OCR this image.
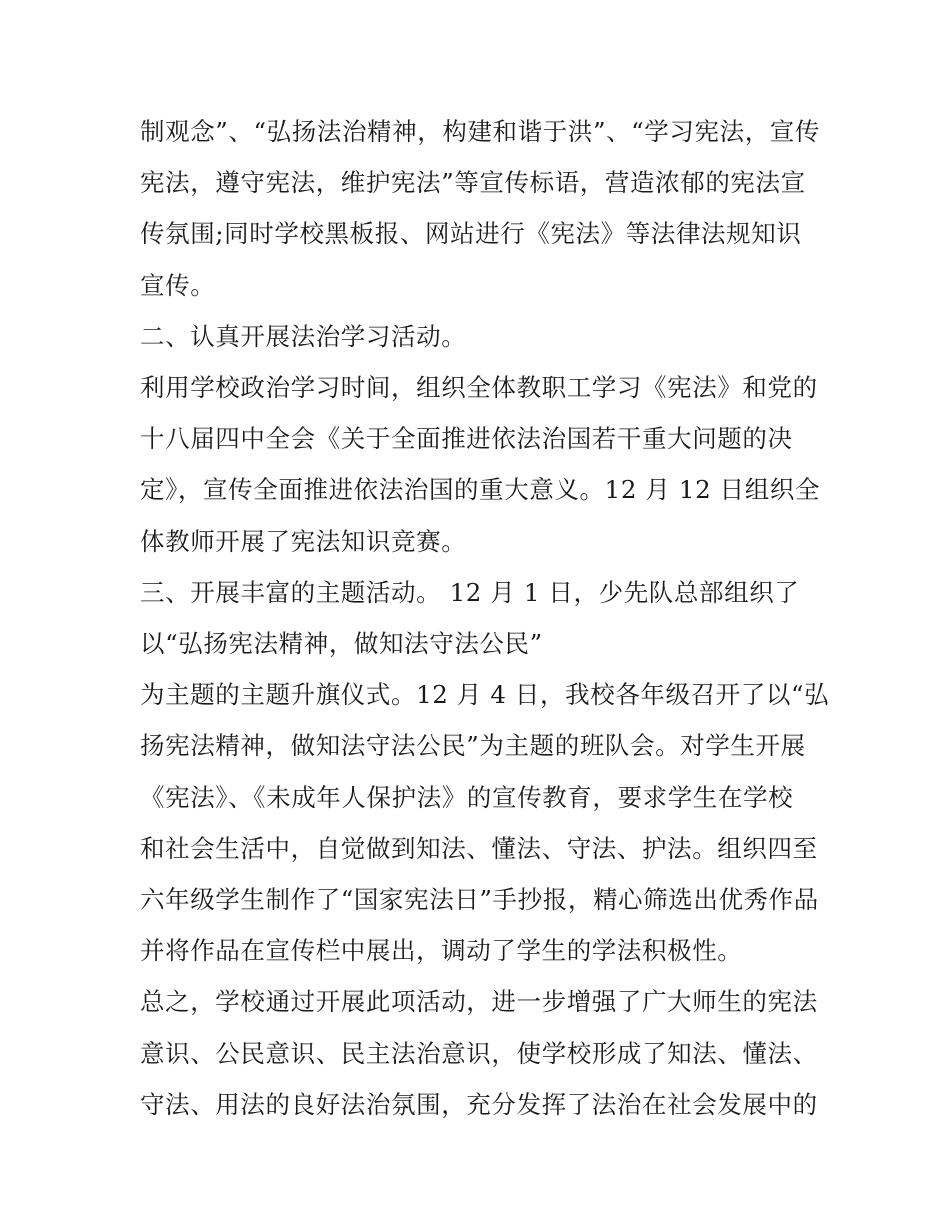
制观念”、“弘扬法治精神，构建和谐于洪”、“学习宪法，宣传

宪法，遵守宪法，维护宪法”等宣传标语，营造浓郁的宪法宣

传氛围;同时学校黑板报、网站进行《宪法》等法律法规知识

宣传。

二、认真开展法治学习活动。

利用学校政治学习时间，组织全体教职工学习《宪法》和党的

十八届四中全会《关于全面推进依法治国若干重大问题的决

定》，宣传全面推进依法治国的重大意义。12 月 12 日组织全

体教师开展了宪法知识竞赛。

三、开展丰富的主题活动。 12 月 1 日，少先队总部组织了

以“弘扬宪法精神，做知法守法公民”

为主题的主题升旗仪式。12 月 4 日，我校各年级召开了以“弘

扬宪法精神，做知法守法公民”为主题的班队会。对学生开展

《宪法》、《未成年人保护法》的宣传教育，要求学生在学校

和社会生活中，自觉做到知法、懂法、守法、护法。组织四至

六年级学生制作了“国家宪法日”手抄报，精心筛选出优秀作品

并将作品在宣传栏中展出，调动了学生的学法积极性。

总之，学校通过开展此项活动，进一步增强了广大师生的宪法

意识、公民意识、民主法治意识，使学校形成了知法、懂法、

守法、用法的良好法治氛围，充分发挥了法治在社会发展中的
